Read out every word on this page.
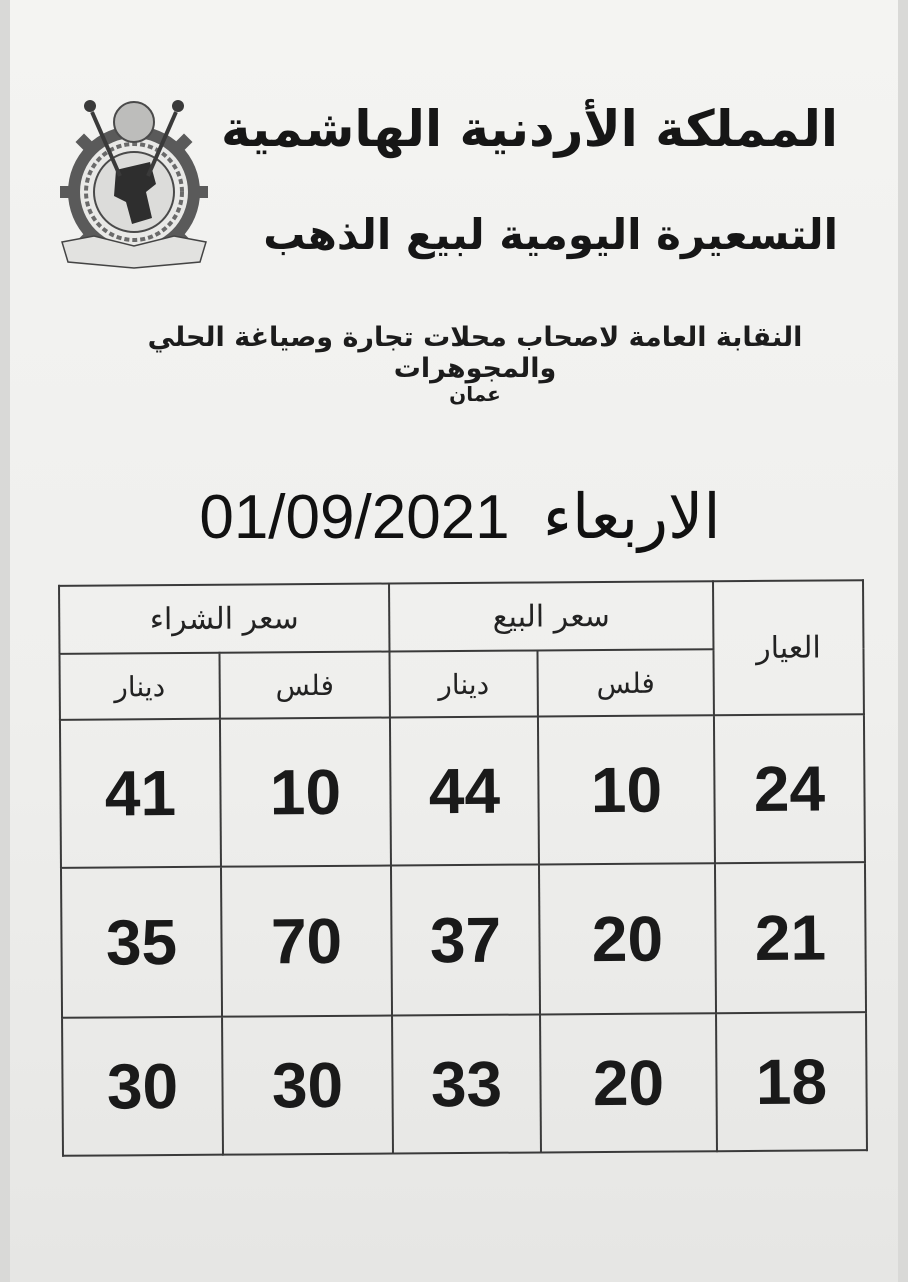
المملكة الأردنية الهاشمية
التسعيرة اليومية لبيع الذهب
النقابة العامة لاصحاب محلات تجارة وصياغة الحلي والمجوهرات
عمان
الاربعاء 01/09/2021
سعر الشراء		سعر البيع		العيار
دينار	فلس	دينار	فلس	
41	10	44	10	24
35	70	37	20	21
30	30	33	20	18
